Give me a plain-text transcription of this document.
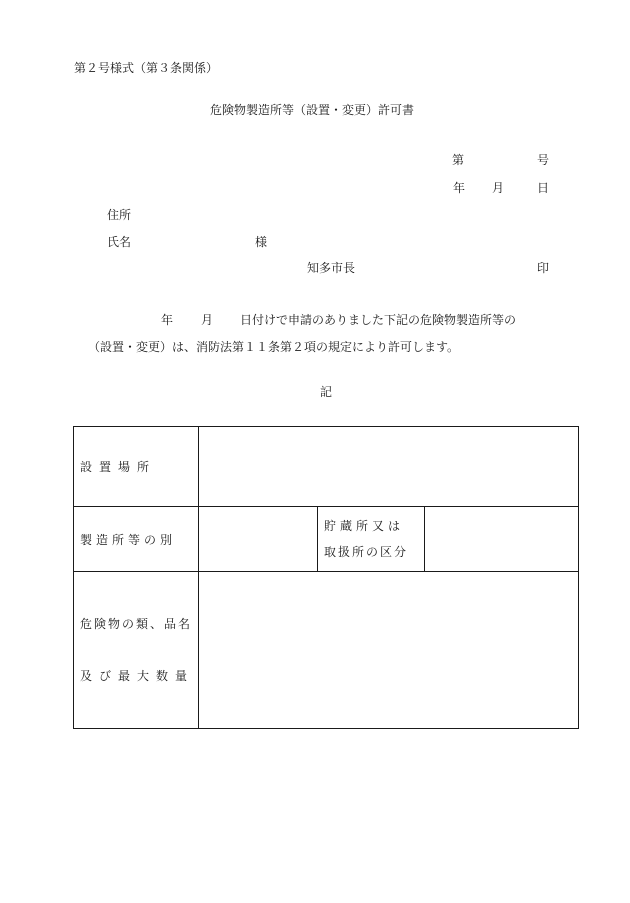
第２号様式（第３条関係）
危険物製造所等（設置・変更）許可書
第	号
年 月	日
住所
氏名	様
知多市長	印
年 月 日付けで申請のありました下記の危険物製造所等の
（設置・変更）は、消防法第１１条第２項の規定により許可します。
記
設置場所			
製造所等の別		貯蔵所又は
取扱所の区分	

危険物の類、品名
及び最大数量			
